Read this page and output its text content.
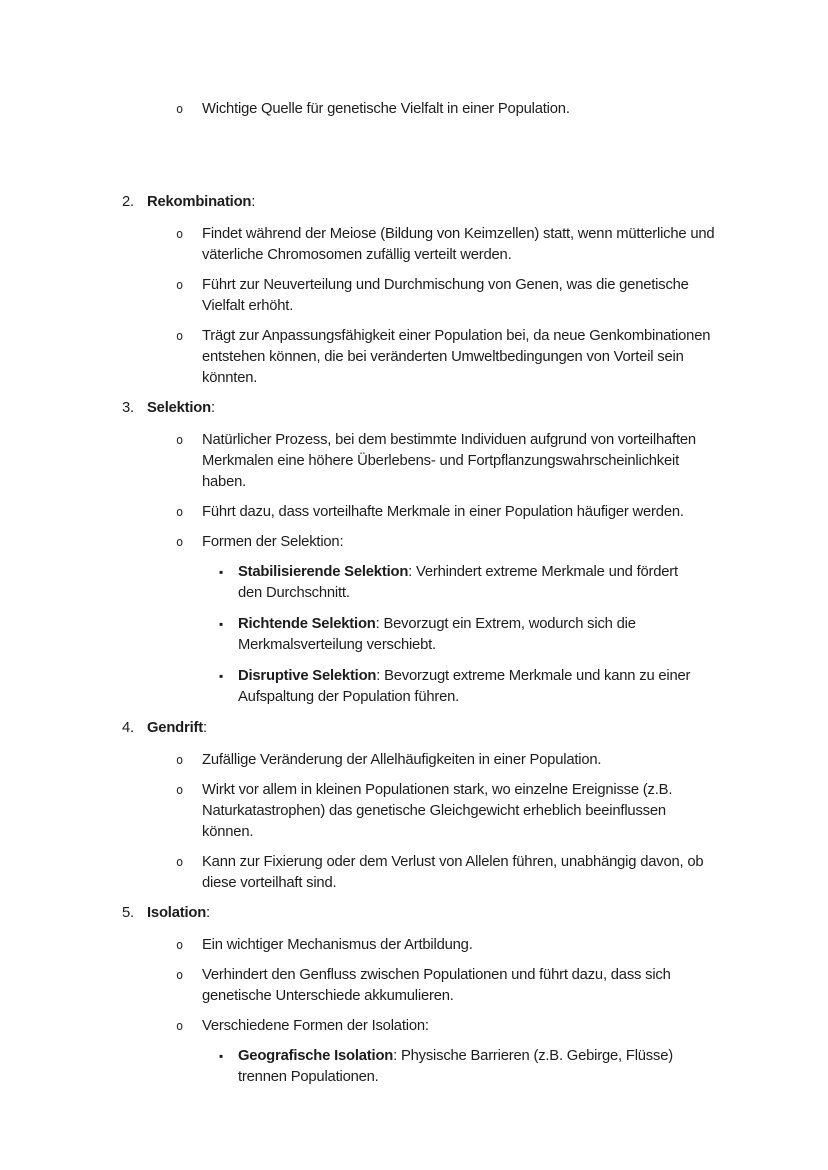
o	Wichtige Quelle für genetische Vielfalt in einer Population.
2. Rekombination:
o	Findet während der Meiose (Bildung von Keimzellen) statt, wenn mütterliche und
väterliche Chromosomen zufällig verteilt werden.
o	Führt zur Neuverteilung und Durchmischung von Genen, was die genetische
Vielfalt erhöht.
o	Trägt zur Anpassungsfähigkeit einer Population bei, da neue Genkombinationen
entstehen können, die bei veränderten Umweltbedingungen von Vorteil sein
könnten.
3. Selektion:
o	Natürlicher Prozess, bei dem bestimmte Individuen aufgrund von vorteilhaften
Merkmalen eine höhere Überlebens- und Fortpflanzungswahrscheinlichkeit
haben.
o	Führt dazu, dass vorteilhafte Merkmale in einer Population häufiger werden.
o	Formen der Selektion:
▪	Stabilisierende Selektion: Verhindert extreme Merkmale und fördert
den Durchschnitt.
▪	Richtende Selektion: Bevorzugt ein Extrem, wodurch sich die
Merkmalsverteilung verschiebt.
▪	Disruptive Selektion: Bevorzugt extreme Merkmale und kann zu einer
Aufspaltung der Population führen.
4. Gendrift:
o	Zufällige Veränderung der Allelhäufigkeiten in einer Population.
o	Wirkt vor allem in kleinen Populationen stark, wo einzelne Ereignisse (z.B.
Naturkatastrophen) das genetische Gleichgewicht erheblich beeinflussen
können.
o	Kann zur Fixierung oder dem Verlust von Allelen führen, unabhängig davon, ob
diese vorteilhaft sind.
5. Isolation:
o	Ein wichtiger Mechanismus der Artbildung.
o	Verhindert den Genfluss zwischen Populationen und führt dazu, dass sich
genetische Unterschiede akkumulieren.
o	Verschiedene Formen der Isolation:
▪	Geografische Isolation: Physische Barrieren (z.B. Gebirge, Flüsse)
trennen Populationen.
